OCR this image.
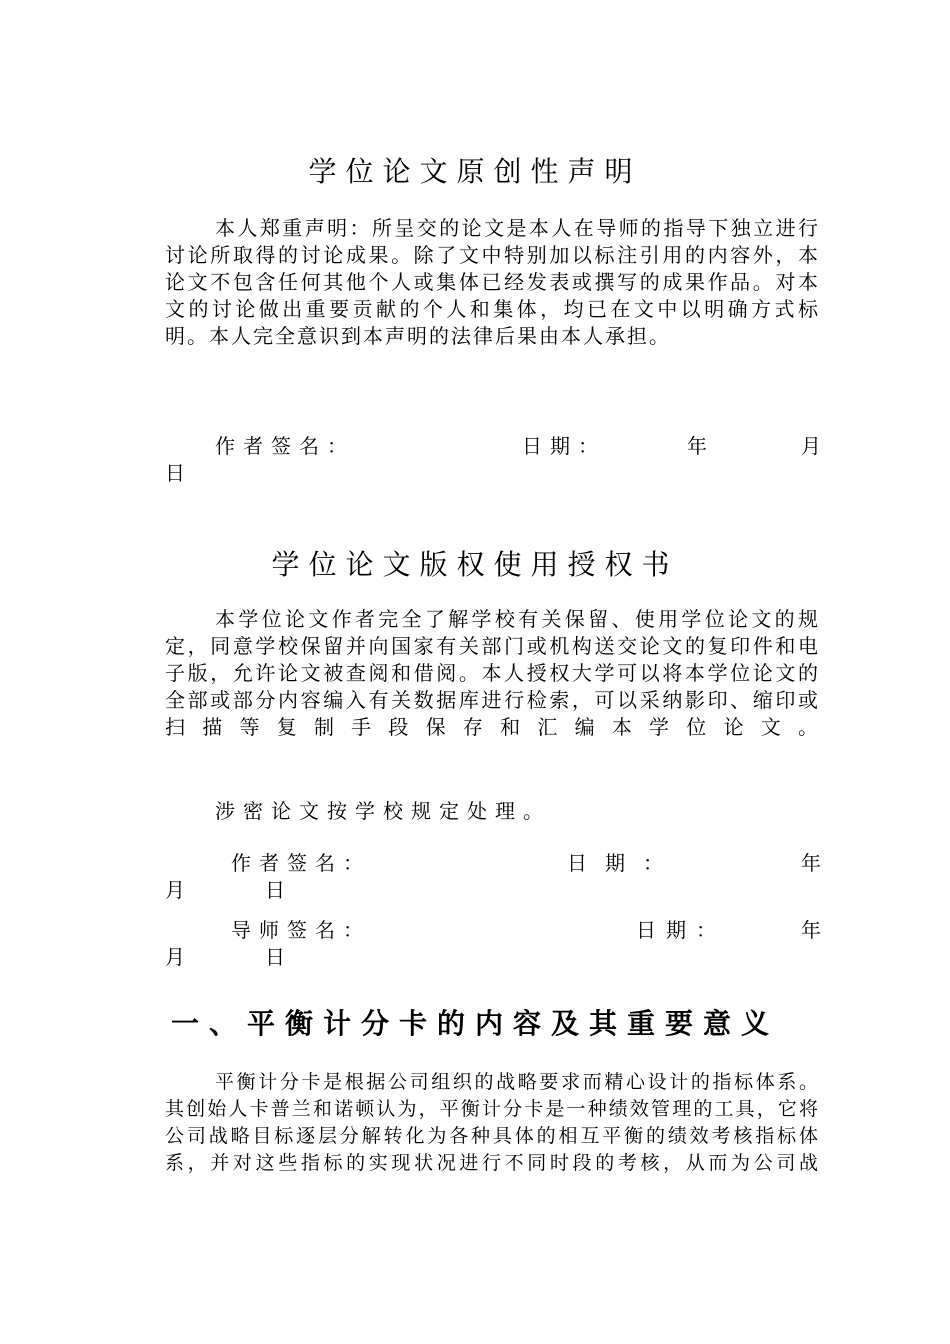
学位论文原创性声明

本人郑重声明：所呈交的论文是本人在导师的指导下独立进行讨论所取得的讨论成果。除了文中特别加以标注引用的内容外，本论文不包含任何其他个人或集体已经发表或撰写的成果作品。对本文的讨论做出重要贡献的个人和集体，均已在文中以明确方式标明。本人完全意识到本声明的法律后果由本人承担。

作者签名：	日期：	年	月
日
学位论文版权使用授权书

本学位论文作者完全了解学校有关保留、使用学位论文的规定，同意学校保留并向国家有关部门或机构送交论文的复印件和电子版，允许论文被查阅和借阅。本人授权大学可以将本学位论文的全部或部分内容编入有关数据库进行检索，可以采纳影印、缩印或扫描等复制手段保存和汇编本学位论文。

涉密论文按学校规定处理。
作者签名：	日期：	年
月	日
导师签名：	日期：	年
月	日
一、平衡计分卡的内容及其重要意义

平衡计分卡是根据公司组织的战略要求而精心设计的指标体系。其创始人卡普兰和诺顿认为，平衡计分卡是一种绩效管理的工具，它将公司战略目标逐层分解转化为各种具体的相互平衡的绩效考核指标体系，并对这些指标的实现状况进行不同时段的考核，从而为公司战
